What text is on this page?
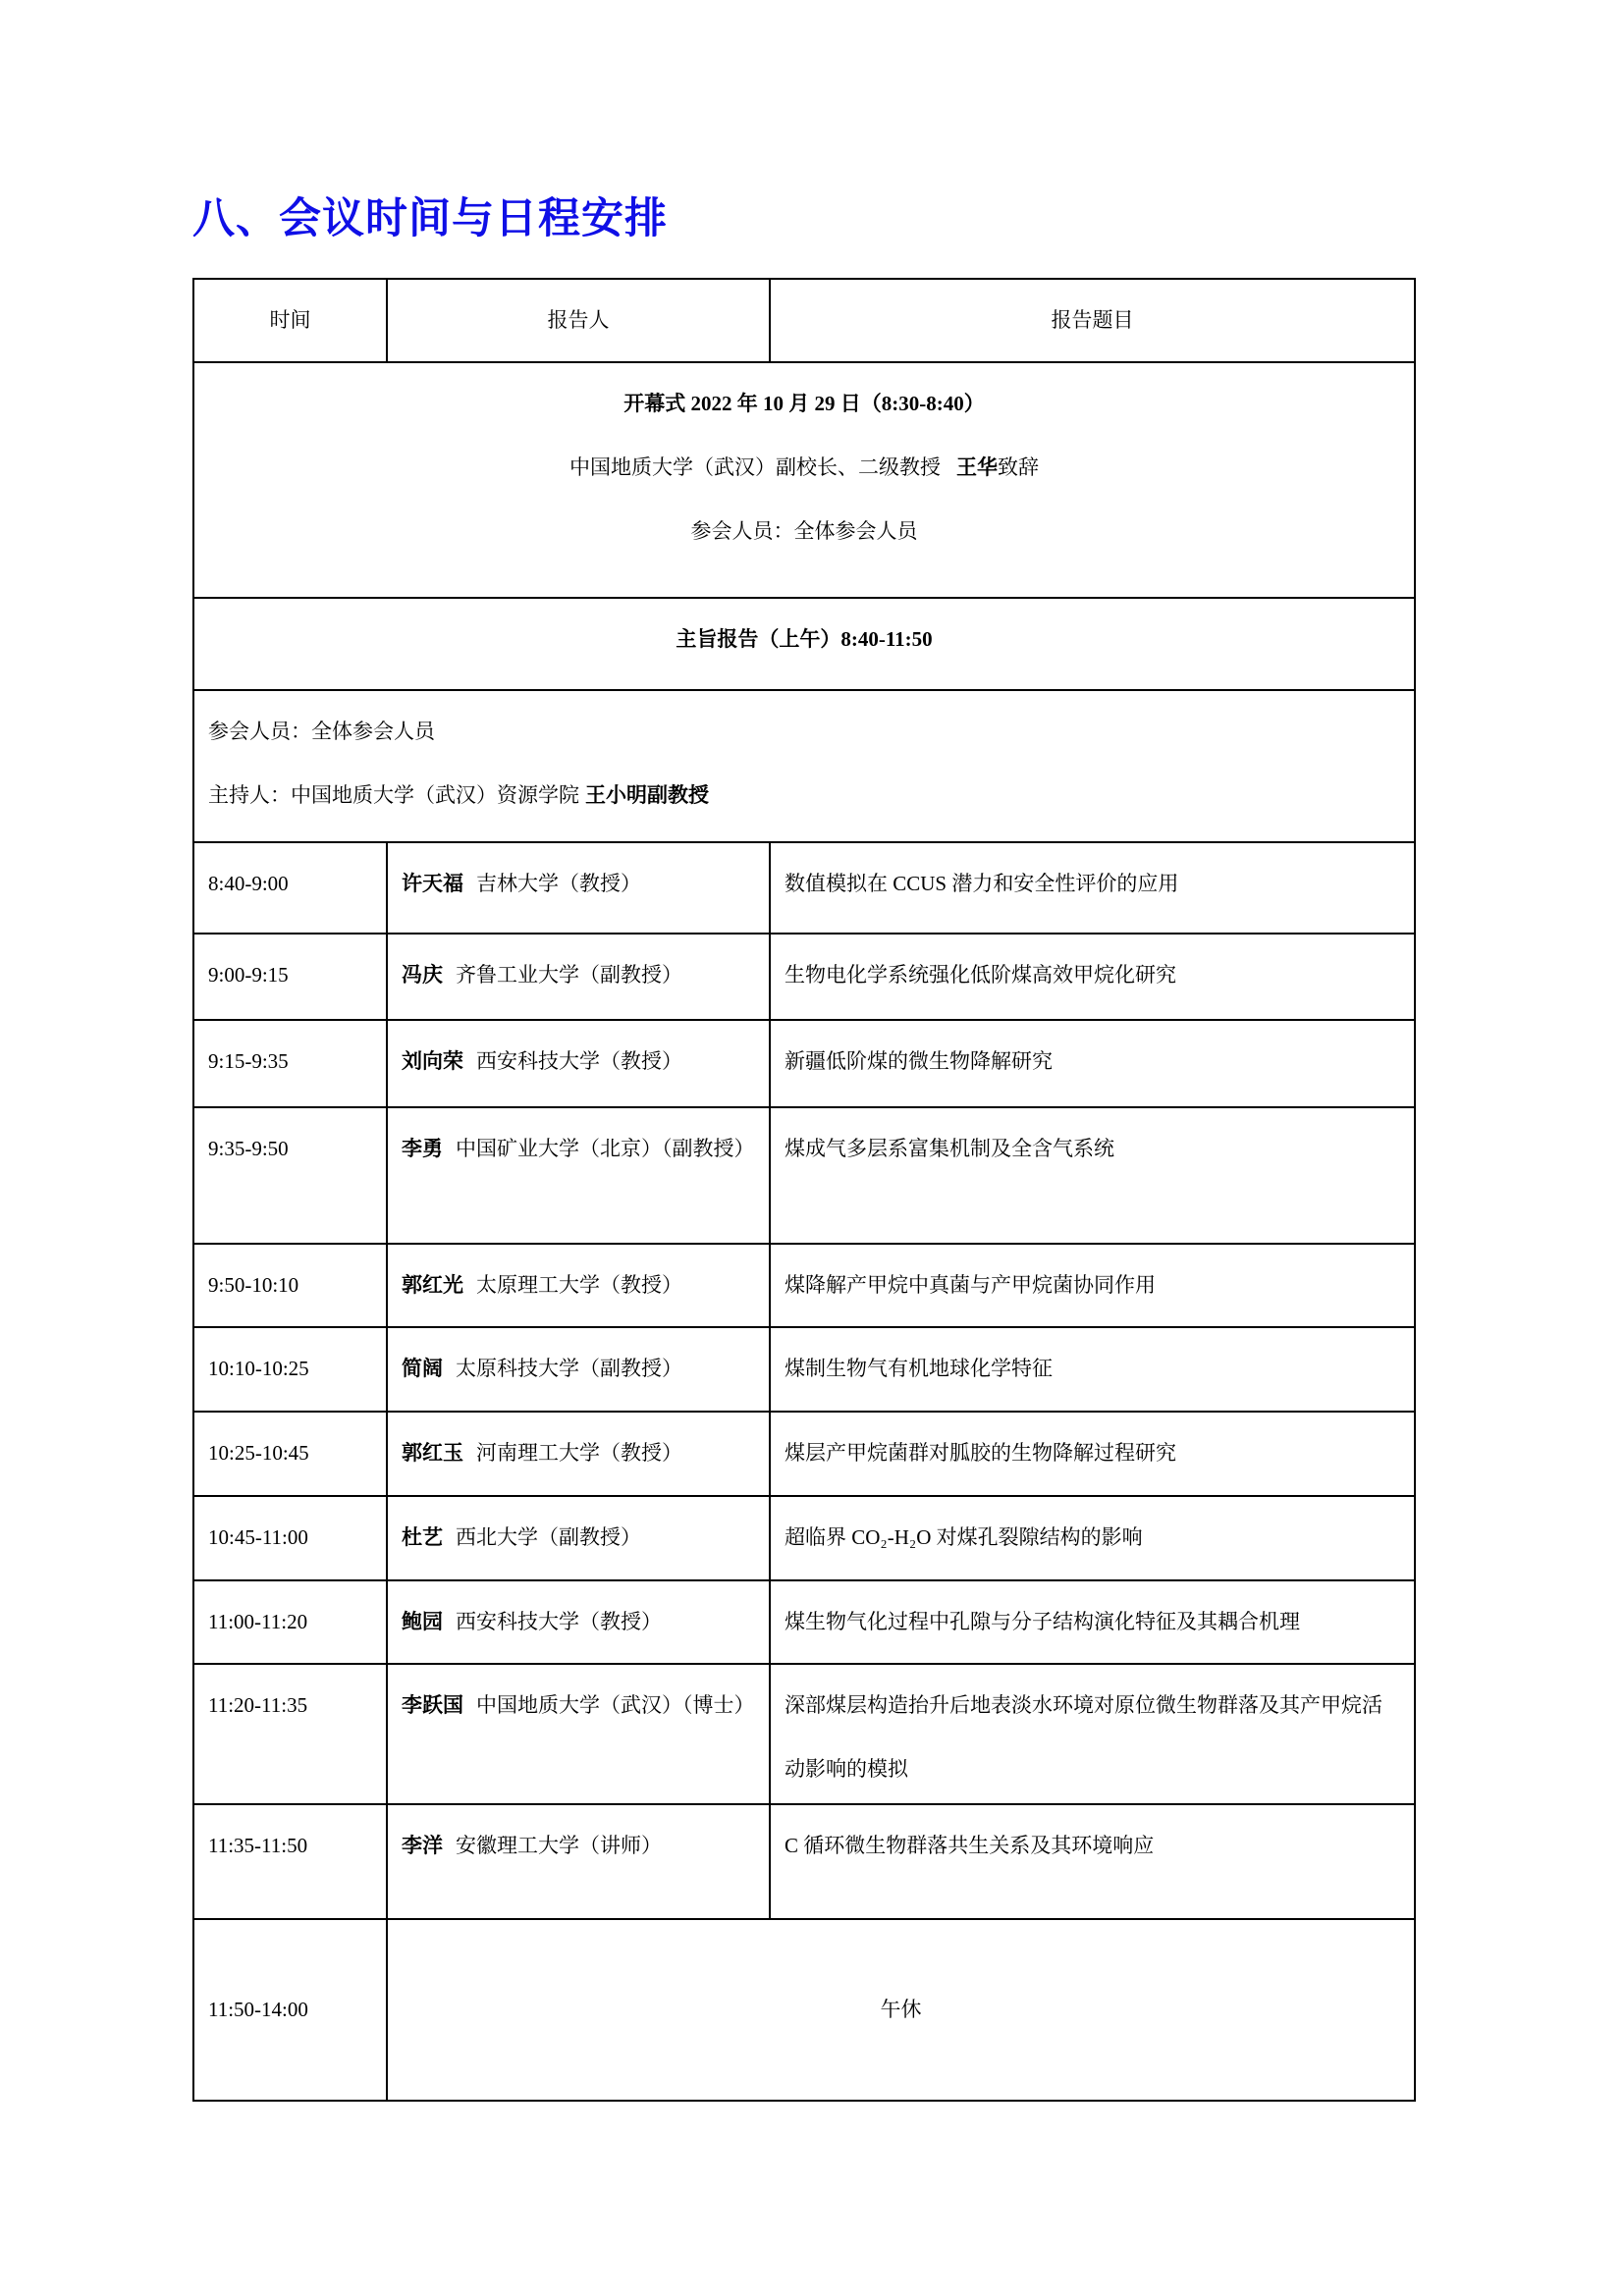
八、会议时间与日程安排
时间	报告人	报告题目

开幕式 2022 年 10 月 29 日（8:30-8:40）
中国地质大学（武汉）副校长、二级教授 王华致辞
参会人员：全体参会人员		

主旨报告（上午）8:40-11:50		

参会人员：全体参会人员
主持人：中国地质大学（武汉）资源学院 王小明副教授		

8:40-9:00	许天福 吉林大学（教授）	数值模拟在 CCUS 潜力和安全性评价的应用
9:00-9:15	冯庆 齐鲁工业大学（副教授）	生物电化学系统强化低阶煤高效甲烷化研究
9:15-9:35	刘向荣 西安科技大学（教授）	新疆低阶煤的微生物降解研究
9:35-9:50	李勇 中国矿业大学（北京）（副教授）	煤成气多层系富集机制及全含气系统
9:50-10:10	郭红光 太原理工大学（教授）	煤降解产甲烷中真菌与产甲烷菌协同作用
10:10-10:25	简阔 太原科技大学（副教授）	煤制生物气有机地球化学特征
10:25-10:45	郭红玉 河南理工大学（教授）	煤层产甲烷菌群对胍胶的生物降解过程研究
10:45-11:00	杜艺 西北大学（副教授）	超临界 CO₂-H₂O 对煤孔裂隙结构的影响
11:00-11:20	鲍园 西安科技大学（教授）	煤生物气化过程中孔隙与分子结构演化特征及其耦合机理
11:20-11:35	李跃国 中国地质大学（武汉）（博士）	深部煤层构造抬升后地表淡水环境对原位微生物群落及其产甲烷活动影响的模拟
11:35-11:50	李洋 安徽理工大学（讲师）	C 循环微生物群落共生关系及其环境响应
11:50-14:00	午休	
